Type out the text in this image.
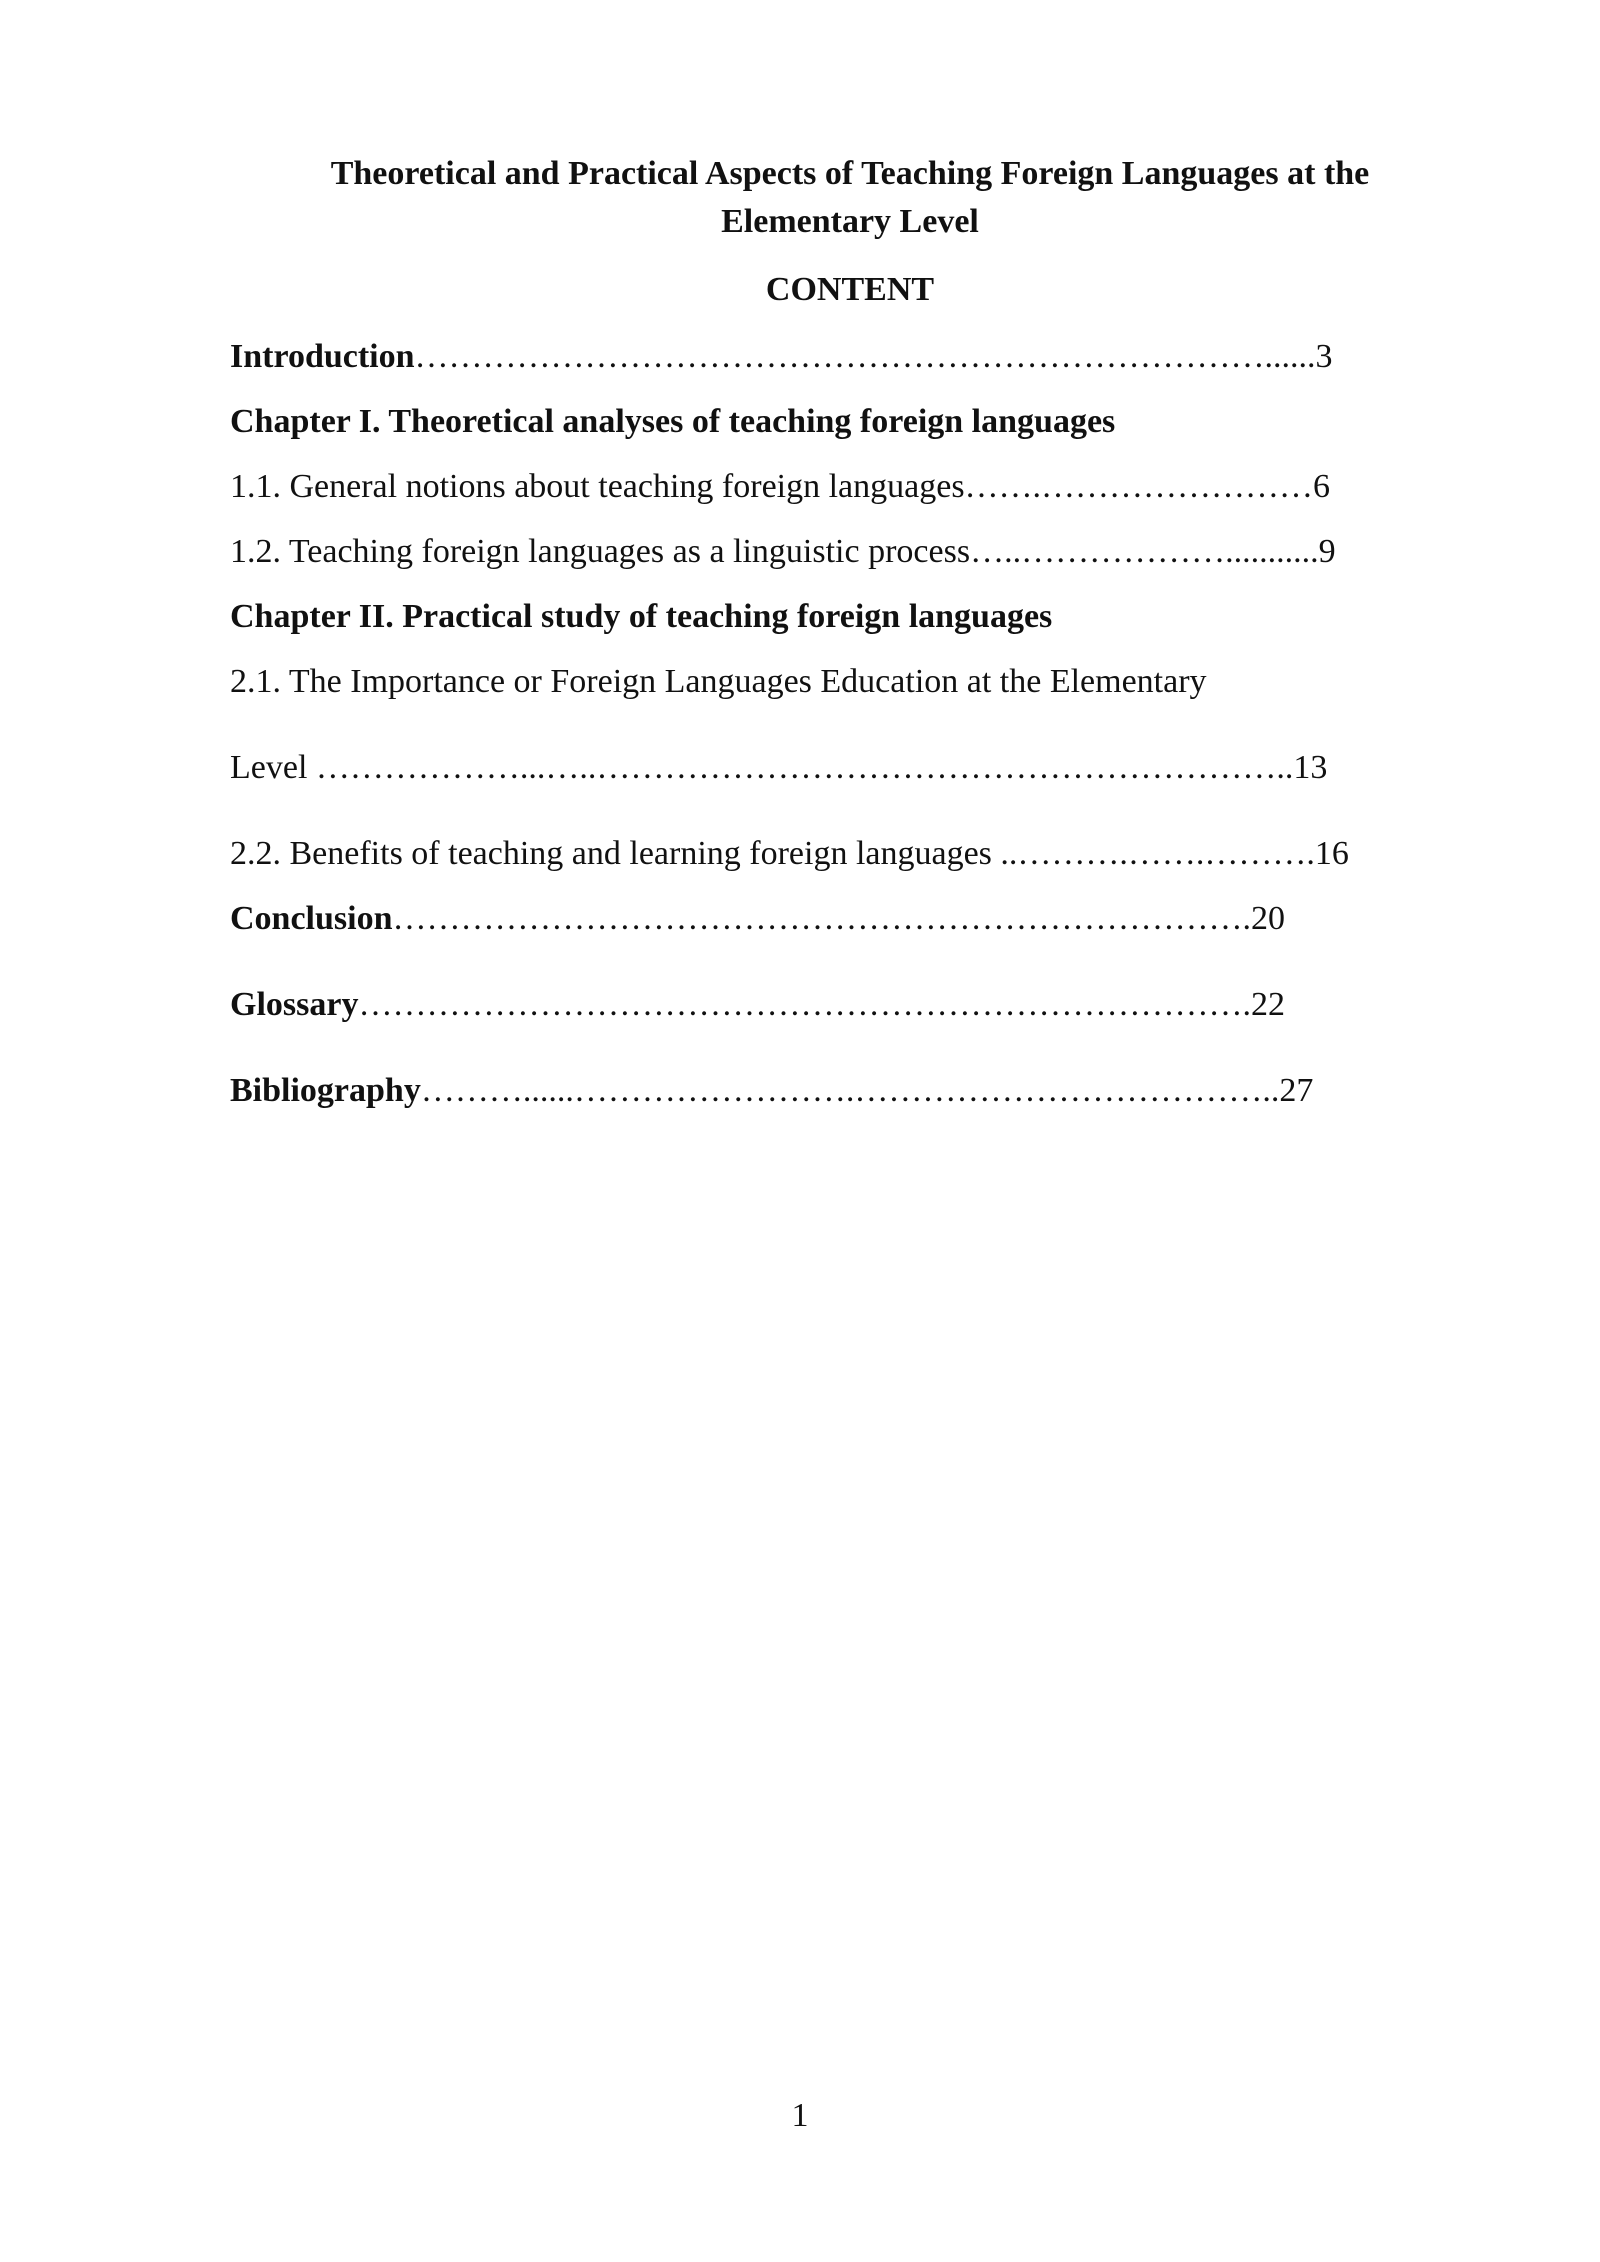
Theoretical and Practical Aspects of Teaching Foreign Languages at the
Elementary Level
CONTENT
Introduction…………………………………………………………………......3
Chapter I. Theoretical analyses of teaching foreign languages
1.1. General notions about teaching foreign languages…….……………………6
1.2. Teaching foreign languages as a linguistic process…..………………...........9
Chapter II. Practical study of teaching foreign languages
2.1. The Importance or Foreign Languages Education at the Elementary
Level ………………...…..……………………………………………………..13
2.2. Benefits of teaching and learning foreign languages ..……….…….……….16
Conclusion………………………………………………………………….20
Glossary…………………………………………………………………….22
Bibliography………......…………………….………………………………..27
1
